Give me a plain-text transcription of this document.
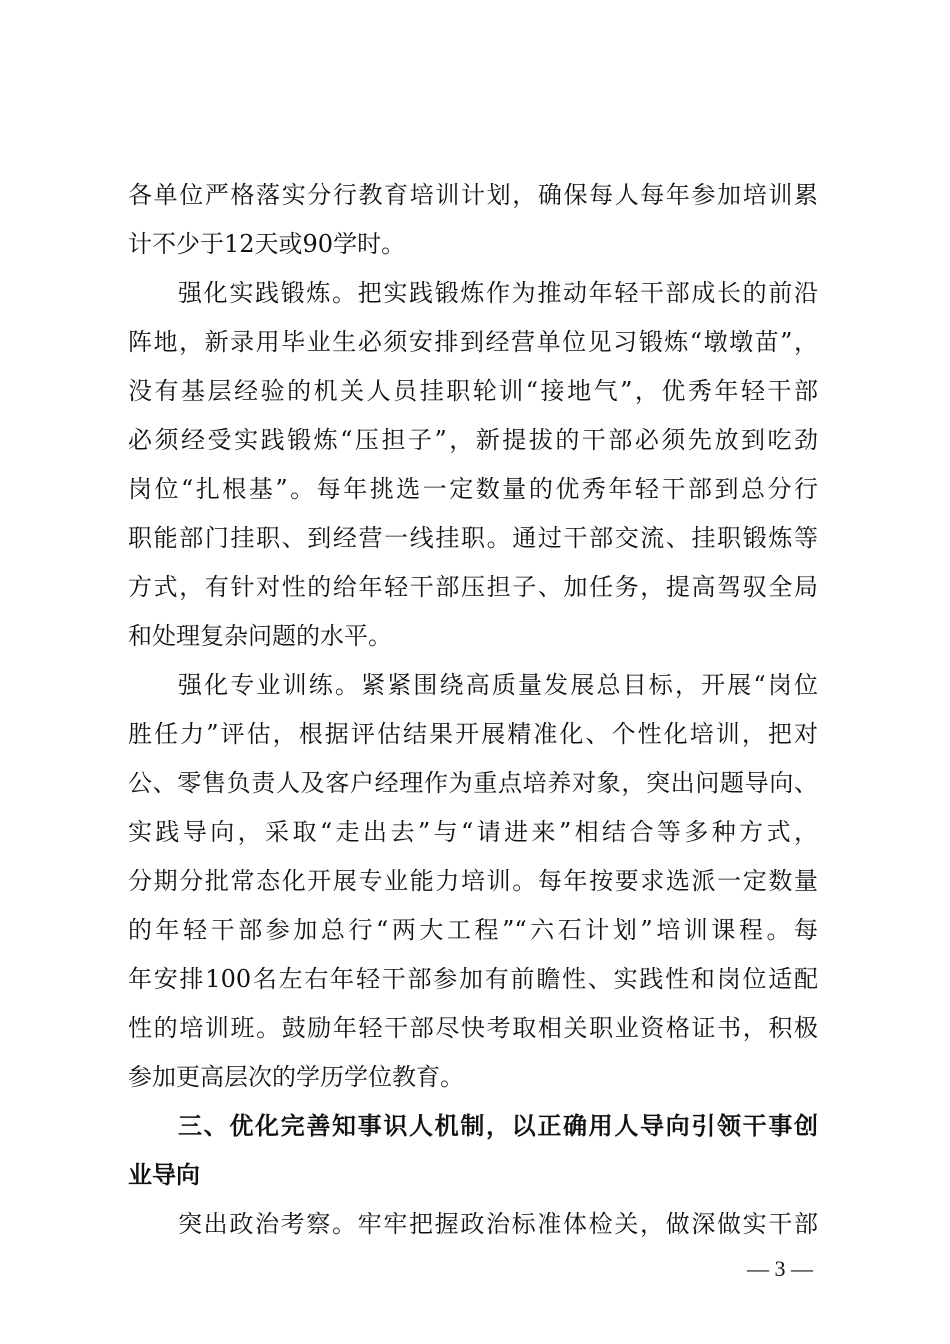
各单位严格落实分行教育培训计划，确保每人每年参加培训累
计不少于12天或90学时。
强化实践锻炼。把实践锻炼作为推动年轻干部成长的前沿
阵地，新录用毕业生必须安排到经营单位见习锻炼“墩墩苗”，
没有基层经验的机关人员挂职轮训“接地气”，优秀年轻干部
必须经受实践锻炼“压担子”，新提拔的干部必须先放到吃劲
岗位“扎根基”。每年挑选一定数量的优秀年轻干部到总分行
职能部门挂职、到经营一线挂职。通过干部交流、挂职锻炼等
方式，有针对性的给年轻干部压担子、加任务，提高驾驭全局
和处理复杂问题的水平。
强化专业训练。紧紧围绕高质量发展总目标，开展“岗位
胜任力”评估，根据评估结果开展精准化、个性化培训，把对
公、零售负责人及客户经理作为重点培养对象，突出问题导向、
实践导向，采取“走出去”与“请进来”相结合等多种方式，
分期分批常态化开展专业能力培训。每年按要求选派一定数量
的年轻干部参加总行“两大工程”“六石计划”培训课程。每
年安排100名左右年轻干部参加有前瞻性、实践性和岗位适配
性的培训班。鼓励年轻干部尽快考取相关职业资格证书，积极
参加更高层次的学历学位教育。
三、优化完善知事识人机制，以正确用人导向引领干事创
业导向
突出政治考察。牢牢把握政治标准体检关，做深做实干部
— 3 —
